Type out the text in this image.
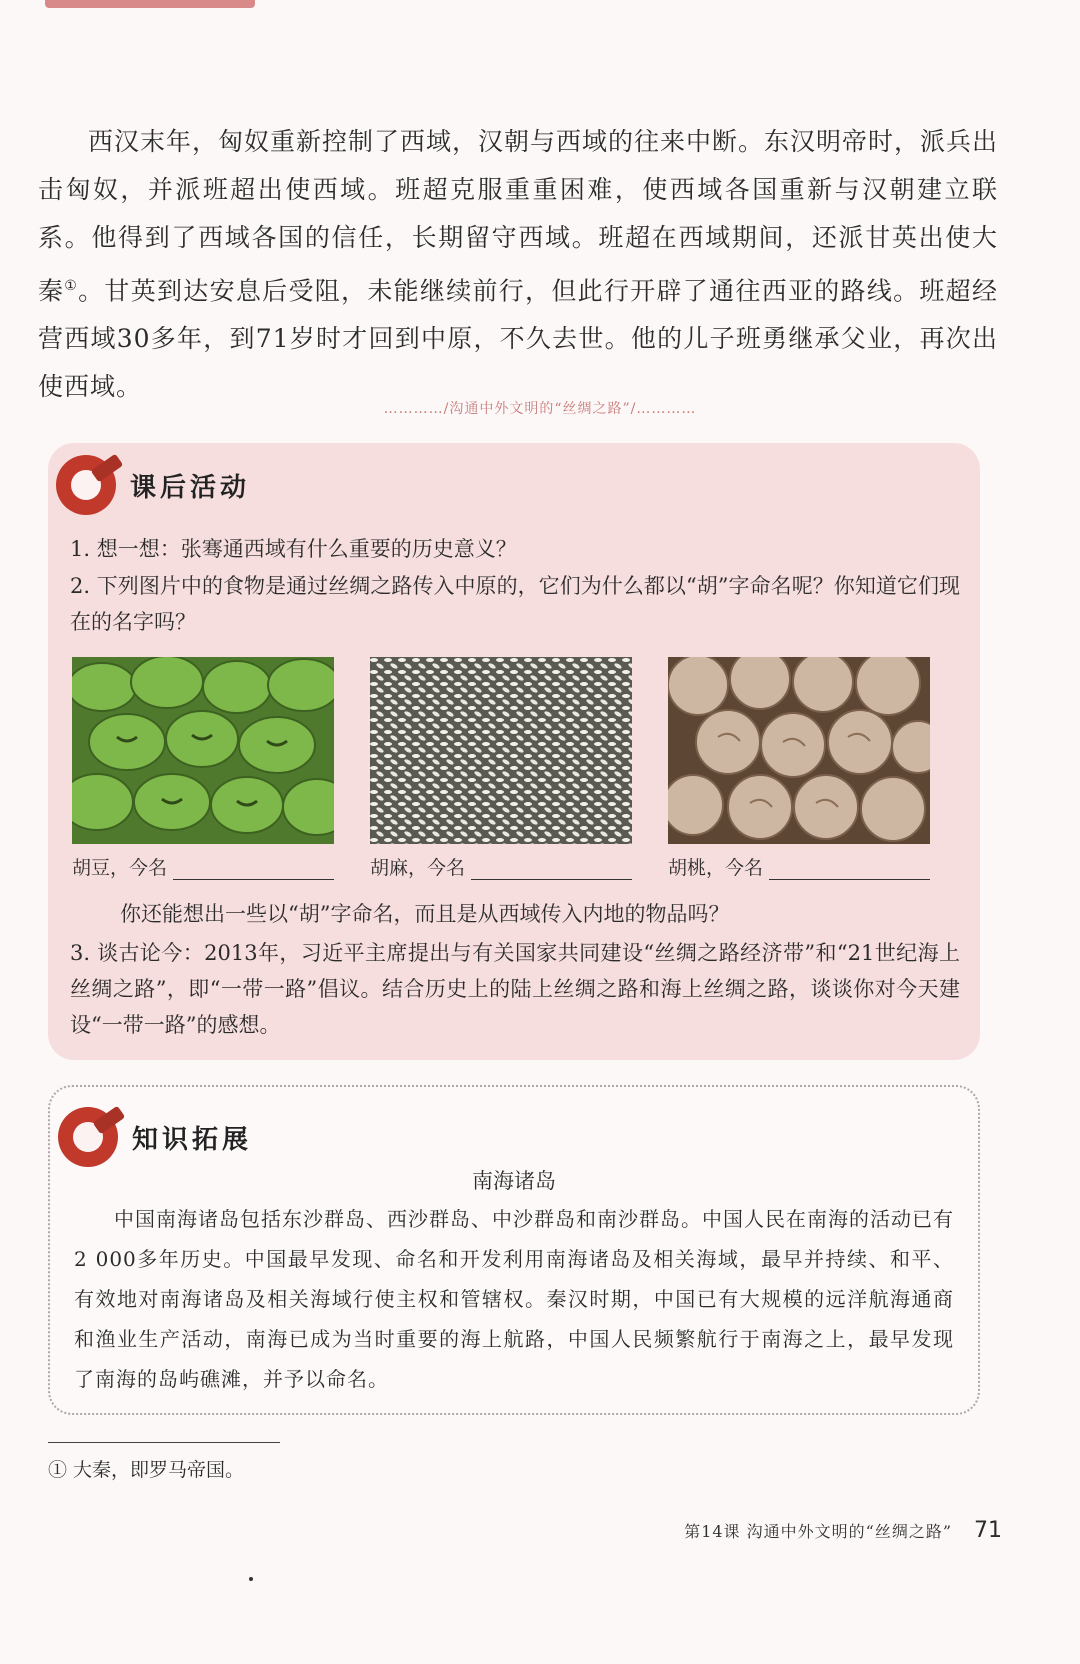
西汉末年，匈奴重新控制了西域，汉朝与西域的往来中断。东汉明帝时，派兵出击匈奴，并派班超出使西域。班超克服重重困难，使西域各国重新与汉朝建立联系。他得到了西域各国的信任，长期留守西域。班超在西域期间，还派甘英出使大秦①。甘英到达安息后受阻，未能继续前行，但此行开辟了通往西亚的路线。班超经营西域30多年，到71岁时才回到中原，不久去世。他的儿子班勇继承父业，再次出使西域。

…………/沟通中外文明的“丝绸之路”/…………
课后活动
1. 想一想：张骞通西域有什么重要的历史意义？
2. 下列图片中的食物是通过丝绸之路传入中原的，它们为什么都以“胡”字命名呢？你知道它们现在的名字吗？
胡豆，今名	胡麻，今名	胡桃，今名
你还能想出一些以“胡”字命名，而且是从西域传入内地的物品吗？
3. 谈古论今：2013年，习近平主席提出与有关国家共同建设“丝绸之路经济带”和“21世纪海上丝绸之路”，即“一带一路”倡议。结合历史上的陆上丝绸之路和海上丝绸之路，谈谈你对今天建设“一带一路”的感想。
知识拓展
南海诸岛

中国南海诸岛包括东沙群岛、西沙群岛、中沙群岛和南沙群岛。中国人民在南海的活动已有2 000多年历史。中国最早发现、命名和开发利用南海诸岛及相关海域，最早并持续、和平、有效地对南海诸岛及相关海域行使主权和管辖权。秦汉时期，中国已有大规模的远洋航海通商和渔业生产活动，南海已成为当时重要的海上航路，中国人民频繁航行于南海之上，最早发现了南海的岛屿礁滩，并予以命名。

① 大秦，即罗马帝国。
第14课 沟通中外文明的“丝绸之路” 71
